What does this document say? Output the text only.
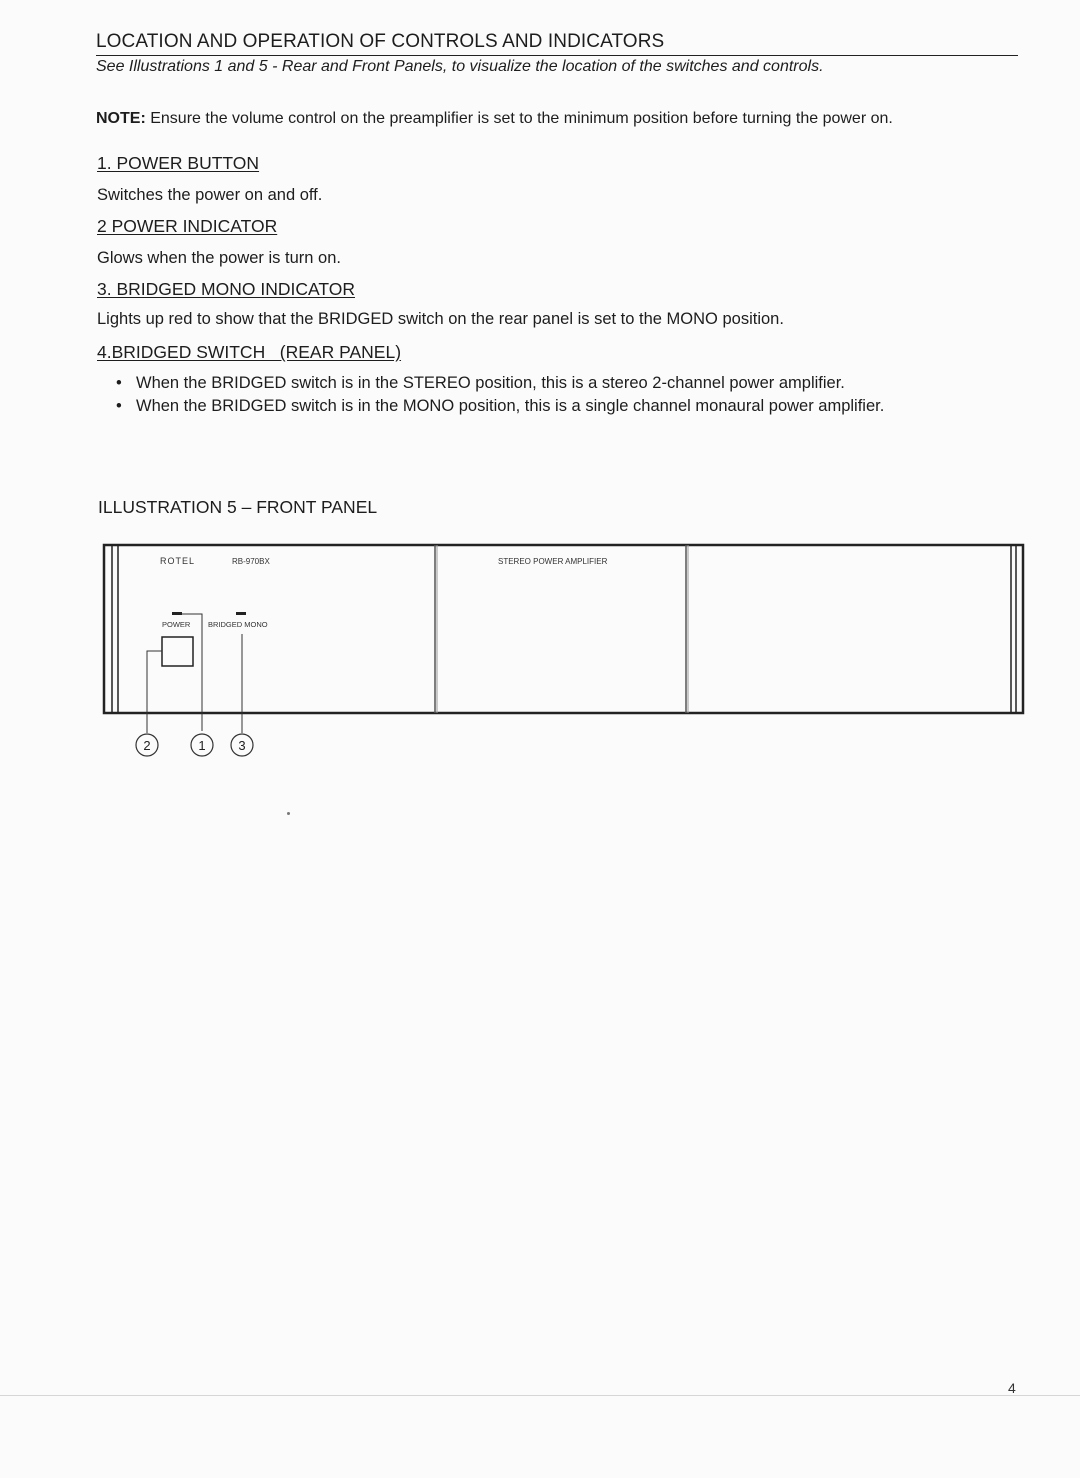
LOCATION AND OPERATION OF CONTROLS AND INDICATORS
See Illustrations 1 and 5 - Rear and Front Panels, to visualize the location of the switches and controls.
NOTE: Ensure the volume control on the preamplifier is set to the minimum position before turning the power on.
1. POWER BUTTON
Switches the power on and off.
2 POWER INDICATOR
Glows when the power is turn on.
3. BRIDGED MONO INDICATOR
Lights up red to show that the BRIDGED switch on the rear panel is set to the MONO position.
4.BRIDGED SWITCH   (REAR PANEL)
• When the BRIDGED switch is in the STEREO position, this is a stereo 2-channel power amplifier.
• When the BRIDGED switch is in the MONO position, this is a single channel monaural power amplifier.
ILLUSTRATION 5 – FRONT PANEL
ROTEL	RB-970BX	STEREO POWER AMPLIFIER
POWER BRIDGED MONO
2	1	3
4
